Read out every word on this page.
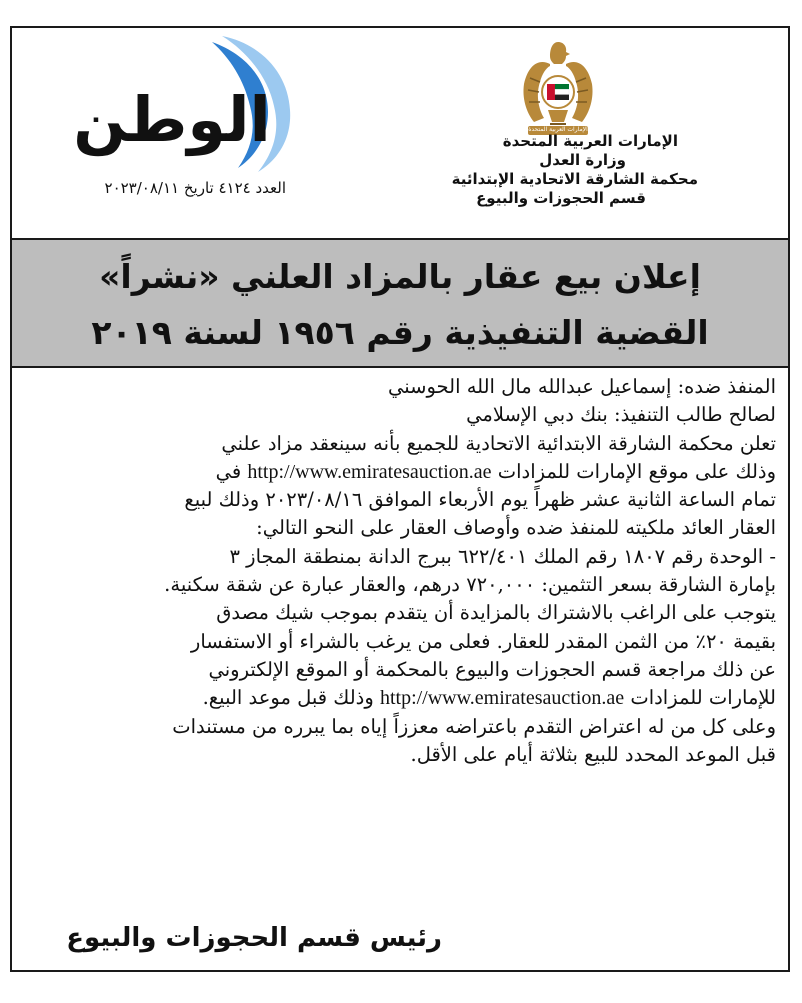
الإمارات العربية المتحدة
الإمارات العربية المتحدة
وزارة العدل
محكمة الشارقة الاتحادية الإبتدائية
قسم الحجوزات والبيوع
الوطن
العدد ٤١٢٤ تاريخ ٢٠٢٣/٠٨/١١
إعلان بيع عقار بالمزاد العلني «نشراً»
القضية التنفيذية رقم ١٩٥٦ لسنة ٢٠١٩
المنفذ ضده: إسماعيل عبدالله مال الله الحوسني
لصالح طالب التنفيذ: بنك دبي الإسلامي
تعلن محكمة الشارقة الابتدائية الاتحادية للجميع بأنه سينعقد مزاد علني
وذلك على موقع الإمارات للمزادات http://www.emiratesauction.ae في
تمام الساعة الثانية عشر ظهراً يوم الأربعاء الموافق ٢٠٢٣/٠٨/١٦ وذلك لبيع
العقار العائد ملكيته للمنفذ ضده وأوصاف العقار على النحو التالي:
- الوحدة رقم ١٨٠٧ رقم الملك ٦٢٢/٤٠١ ببرج الدانة بمنطقة المجاز ٣
بإمارة الشارقة بسعر التثمين: ٧٢٠,٠٠٠ درهم، والعقار عبارة عن شقة سكنية.
يتوجب على الراغب بالاشتراك بالمزايدة أن يتقدم بموجب شيك مصدق
بقيمة ٢٠٪ من الثمن المقدر للعقار. فعلى من يرغب بالشراء أو الاستفسار
عن ذلك مراجعة قسم الحجوزات والبيوع بالمحكمة أو الموقع الإلكتروني
للإمارات للمزادات http://www.emiratesauction.ae وذلك قبل موعد البيع.
وعلى كل من له اعتراض التقدم باعتراضه معززاً إياه بما يبرره من مستندات
قبل الموعد المحدد للبيع بثلاثة أيام على الأقل.
رئيس قسم الحجوزات والبيوع
